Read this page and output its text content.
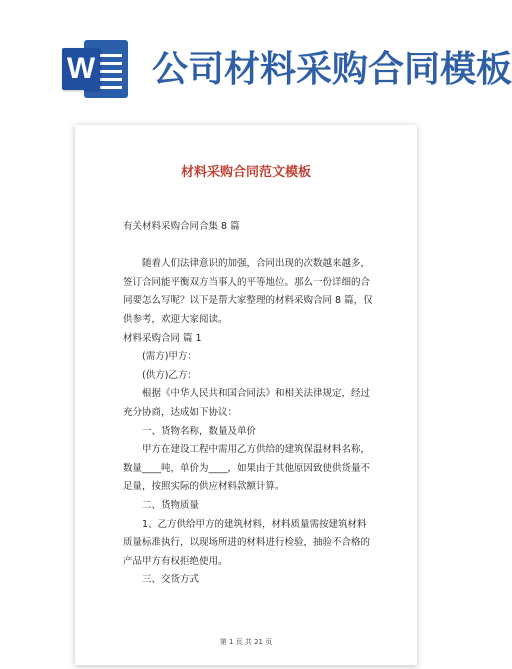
W 公司材料采购合同模板
材料采购合同范文模板

有关材料采购合同合集 8 篇

随着人们法律意识的加强，合同出现的次数越来越多，签订合同能平衡双方当事人的平等地位。那么一份详细的合同要怎么写呢？以下是帮大家整理的材料采购合同 8 篇，仅供参考，欢迎大家阅读。

材料采购合同 篇 1

(需方)甲方：

(供方)乙方：

根据《中华人民共和国合同法》和相关法律规定，经过充分协商，达成如下协议：

一、货物名称，数量及单价

甲方在建设工程中需用乙方供给的建筑保温材料名称，数量____吨，单价为____，如果由于其他原因致使供货量不足量，按照实际的供应材料款额计算。

二、货物质量

1、乙方供给甲方的建筑材料，材料质量需按建筑材料质量标准执行，以现场所进的材料进行检验，抽验不合格的产品甲方有权拒绝使用。

三、交货方式

第 1 页 共 21 页
